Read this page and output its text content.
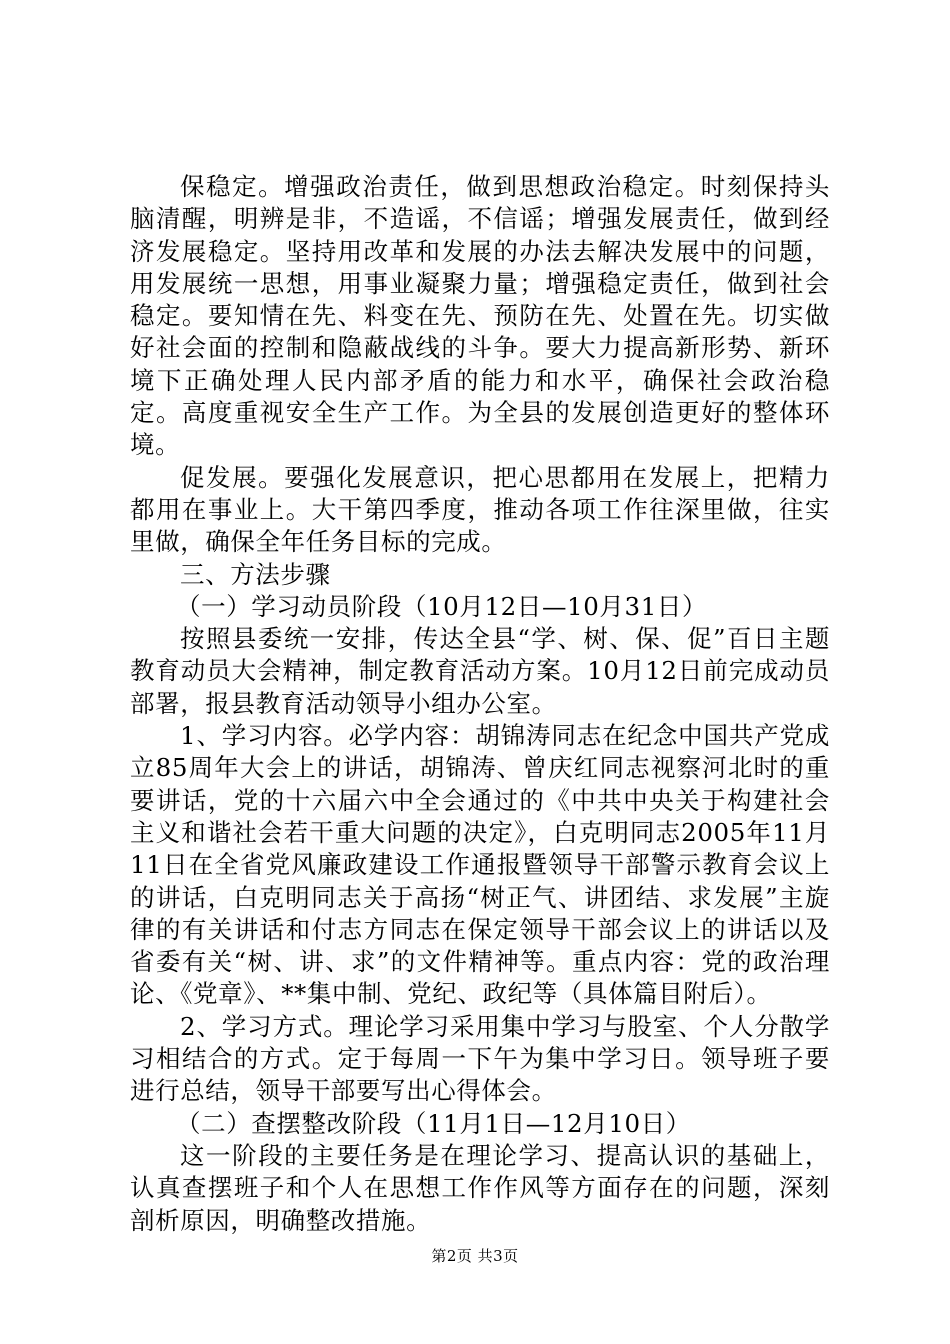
保稳定。增强政治责任，做到思想政治稳定。时刻保持头脑清醒，明辨是非，不造谣，不信谣；增强发展责任，做到经济发展稳定。坚持用改革和发展的办法去解决发展中的问题，用发展统一思想，用事业凝聚力量；增强稳定责任，做到社会稳定。要知情在先、料变在先、预防在先、处置在先。切实做好社会面的控制和隐蔽战线的斗争。要大力提高新形势、新环境下正确处理人民内部矛盾的能力和水平，确保社会政治稳定。高度重视安全生产工作。为全县的发展创造更好的整体环境。

促发展。要强化发展意识，把心思都用在发展上，把精力都用在事业上。大干第四季度，推动各项工作往深里做，往实里做，确保全年任务目标的完成。

三、方法步骤

（一）学习动员阶段（10月12日—10月31日）

按照县委统一安排，传达全县“学、树、保、促”百日主题教育动员大会精神，制定教育活动方案。10月12日前完成动员部署，报县教育活动领导小组办公室。

1、学习内容。必学内容：胡锦涛同志在纪念中国共产党成立85周年大会上的讲话，胡锦涛、曾庆红同志视察河北时的重要讲话，党的十六届六中全会通过的《中共中央关于构建社会主义和谐社会若干重大问题的决定》，白克明同志2005年11月11日在全省党风廉政建设工作通报暨领导干部警示教育会议上的讲话，白克明同志关于高扬“树正气、讲团结、求发展”主旋律的有关讲话和付志方同志在保定领导干部会议上的讲话以及省委有关“树、讲、求”的文件精神等。重点内容：党的政治理论、《党章》、**集中制、党纪、政纪等（具体篇目附后）。

2、学习方式。理论学习采用集中学习与股室、个人分散学习相结合的方式。定于每周一下午为集中学习日。领导班子要进行总结，领导干部要写出心得体会。

（二）查摆整改阶段（11月1日—12月10日）

这一阶段的主要任务是在理论学习、提高认识的基础上，认真查摆班子和个人在思想工作作风等方面存在的问题，深刻剖析原因，明确整改措施。

第2页 共3页
